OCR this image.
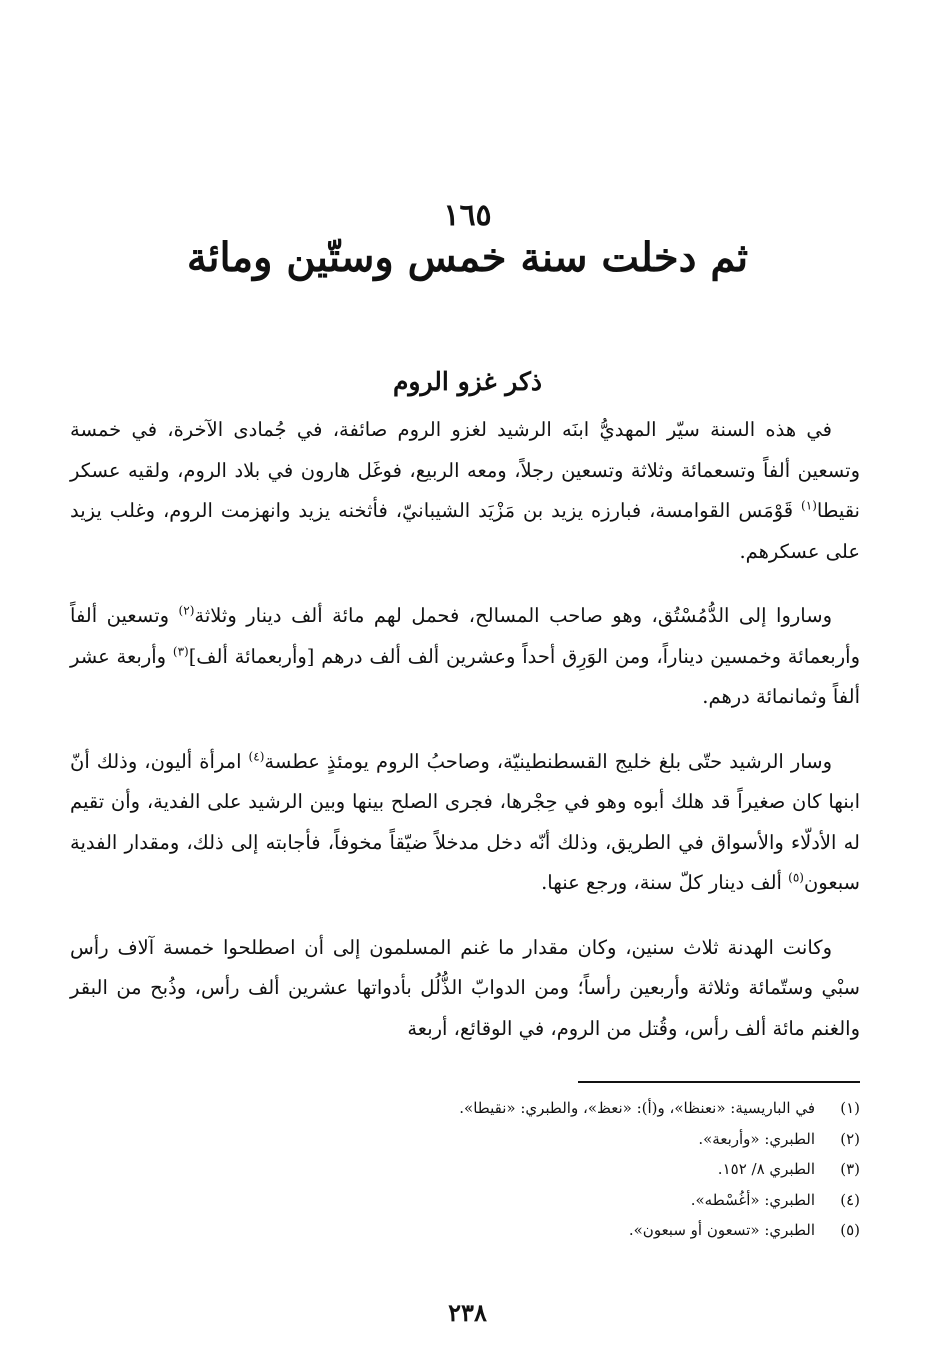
١٦٥
ثم دخلت سنة خمس وستّين ومائة
ذكر غزو الروم

في هذه السنة سيّر المهديُّ ابنَه الرشيد لغزو الروم صائفة، في جُمادى الآخرة، في خمسة وتسعين ألفاً وتسعمائة وثلاثة وتسعين رجلاً، ومعه الربيع، فوغَل هارون في بلاد الروم، ولقيه عسكر نقيطا$^{(١)}$ قَوْمَس القوامسة، فبارزه يزيد بن مَزْيَد الشيبانيّ، فأثخنه يزيد وانهزمت الروم، وغلب يزيد على عسكرهم.

وساروا إلى الدُّمُسْتُق، وهو صاحب المسالح، فحمل لهم مائة ألف دينار وثلاثة$^{(٢)}$ وتسعين ألفاً وأربعمائة وخمسين ديناراً، ومن الوَرِق أحداً وعشرين ألف ألف درهم [وأربعمائة ألف]$^{(٣)}$ وأربعة عشر ألفاً وثمانمائة درهم.

وسار الرشيد حتّى بلغ خليج القسطنطينيّة، وصاحبُ الروم يومئذٍ عطسة$^{(٤)}$ امرأة أليون، وذلك أنّ ابنها كان صغيراً قد هلك أبوه وهو في حِجْرها، فجرى الصلح بينها وبين الرشيد على الفدية، وأن تقيم له الأدلّاء والأسواق في الطريق، وذلك أنّه دخل مدخلاً ضيّقاً مخوفاً، فأجابته إلى ذلك، ومقدار الفدية سبعون$^{(٥)}$ ألف دينار كلّ سنة، ورجع عنها.

وكانت الهدنة ثلاث سنين، وكان مقدار ما غنم المسلمون إلى أن اصطلحوا خمسة آلاف رأس سبْي وستّمائة وثلاثة وأربعين رأساً؛ ومن الدوابّ الذُّلُل بأدواتها عشرين ألف رأس، وذُبح من البقر والغنم مائة ألف رأس، وقُتل من الروم، في الوقائع، أربعة

(١)
في الباريسية: «نعنظا»، و(أ): «نعظ»، والطبري: «نقيطا».
(٢)
الطبري: «وأربعة».
(٣)
الطبري ٨/ ١٥٢.
(٤)
الطبري: «أغُسْطه».
(٥)
الطبري: «تسعون أو سبعون».
٢٣٨
